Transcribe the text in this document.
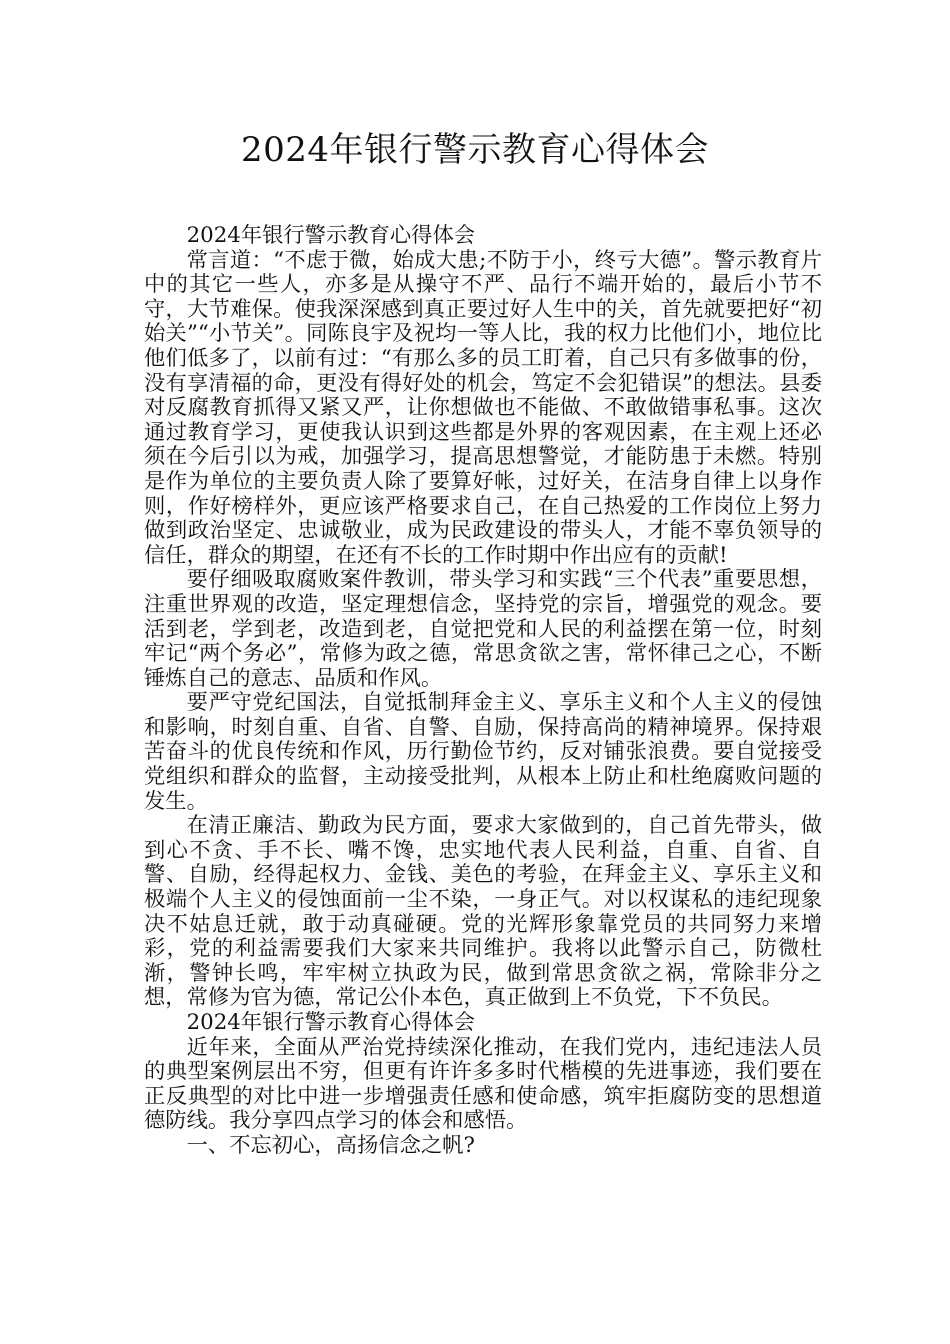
2024年银行警示教育心得体会

2024年银行警示教育心得体会

常言道：“不虑于微，始成大患;不防于小，终亏大德”。警示教育片中的其它一些人，亦多是从操守不严、品行不端开始的，最后小节不守，大节难保。使我深深感到真正要过好人生中的关，首先就要把好“初始关”“小节关”。同陈良宇及祝均一等人比，我的权力比他们小，地位比他们低多了，以前有过：“有那么多的员工盯着，自己只有多做事的份，没有享清福的命，更没有得好处的机会，笃定不会犯错误”的想法。县委对反腐教育抓得又紧又严，让你想做也不能做、不敢做错事私事。这次通过教育学习，更使我认识到这些都是外界的客观因素，在主观上还必须在今后引以为戒，加强学习，提高思想警觉，才能防患于未燃。特别是作为单位的主要负责人除了要算好帐，过好关，在洁身自律上以身作则，作好榜样外，更应该严格要求自己，在自己热爱的工作岗位上努力做到政治坚定、忠诚敬业，成为民政建设的带头人，才能不辜负领导的信任，群众的期望，在还有不长的工作时期中作出应有的贡献!

要仔细吸取腐败案件教训，带头学习和实践“三个代表”重要思想，注重世界观的改造，坚定理想信念，坚持党的宗旨，增强党的观念。要活到老，学到老，改造到老，自觉把党和人民的利益摆在第一位，时刻牢记“两个务必”，常修为政之德，常思贪欲之害，常怀律己之心，不断锤炼自己的意志、品质和作风。

要严守党纪国法，自觉抵制拜金主义、享乐主义和个人主义的侵蚀和影响，时刻自重、自省、自警、自励，保持高尚的精神境界。保持艰苦奋斗的优良传统和作风，历行勤俭节约，反对铺张浪费。要自觉接受党组织和群众的监督，主动接受批判，从根本上防止和杜绝腐败问题的发生。

在清正廉洁、勤政为民方面，要求大家做到的，自己首先带头，做到心不贪、手不长、嘴不馋，忠实地代表人民利益，自重、自省、自警、自励，经得起权力、金钱、美色的考验，在拜金主义、享乐主义和极端个人主义的侵蚀面前一尘不染，一身正气。对以权谋私的违纪现象决不姑息迁就，敢于动真碰硬。党的光辉形象靠党员的共同努力来增彩，党的利益需要我们大家来共同维护。我将以此警示自己，防微杜渐，警钟长鸣，牢牢树立执政为民，做到常思贪欲之祸，常除非分之想，常修为官为德，常记公仆本色，真正做到上不负党，下不负民。

2024年银行警示教育心得体会

近年来，全面从严治党持续深化推动，在我们党内，违纪违法人员的典型案例层出不穷，但更有许许多多时代楷模的先进事迹，我们要在正反典型的对比中进一步增强责任感和使命感，筑牢拒腐防变的思想道德防线。我分享四点学习的体会和感悟。

一、不忘初心，高扬信念之帆?
